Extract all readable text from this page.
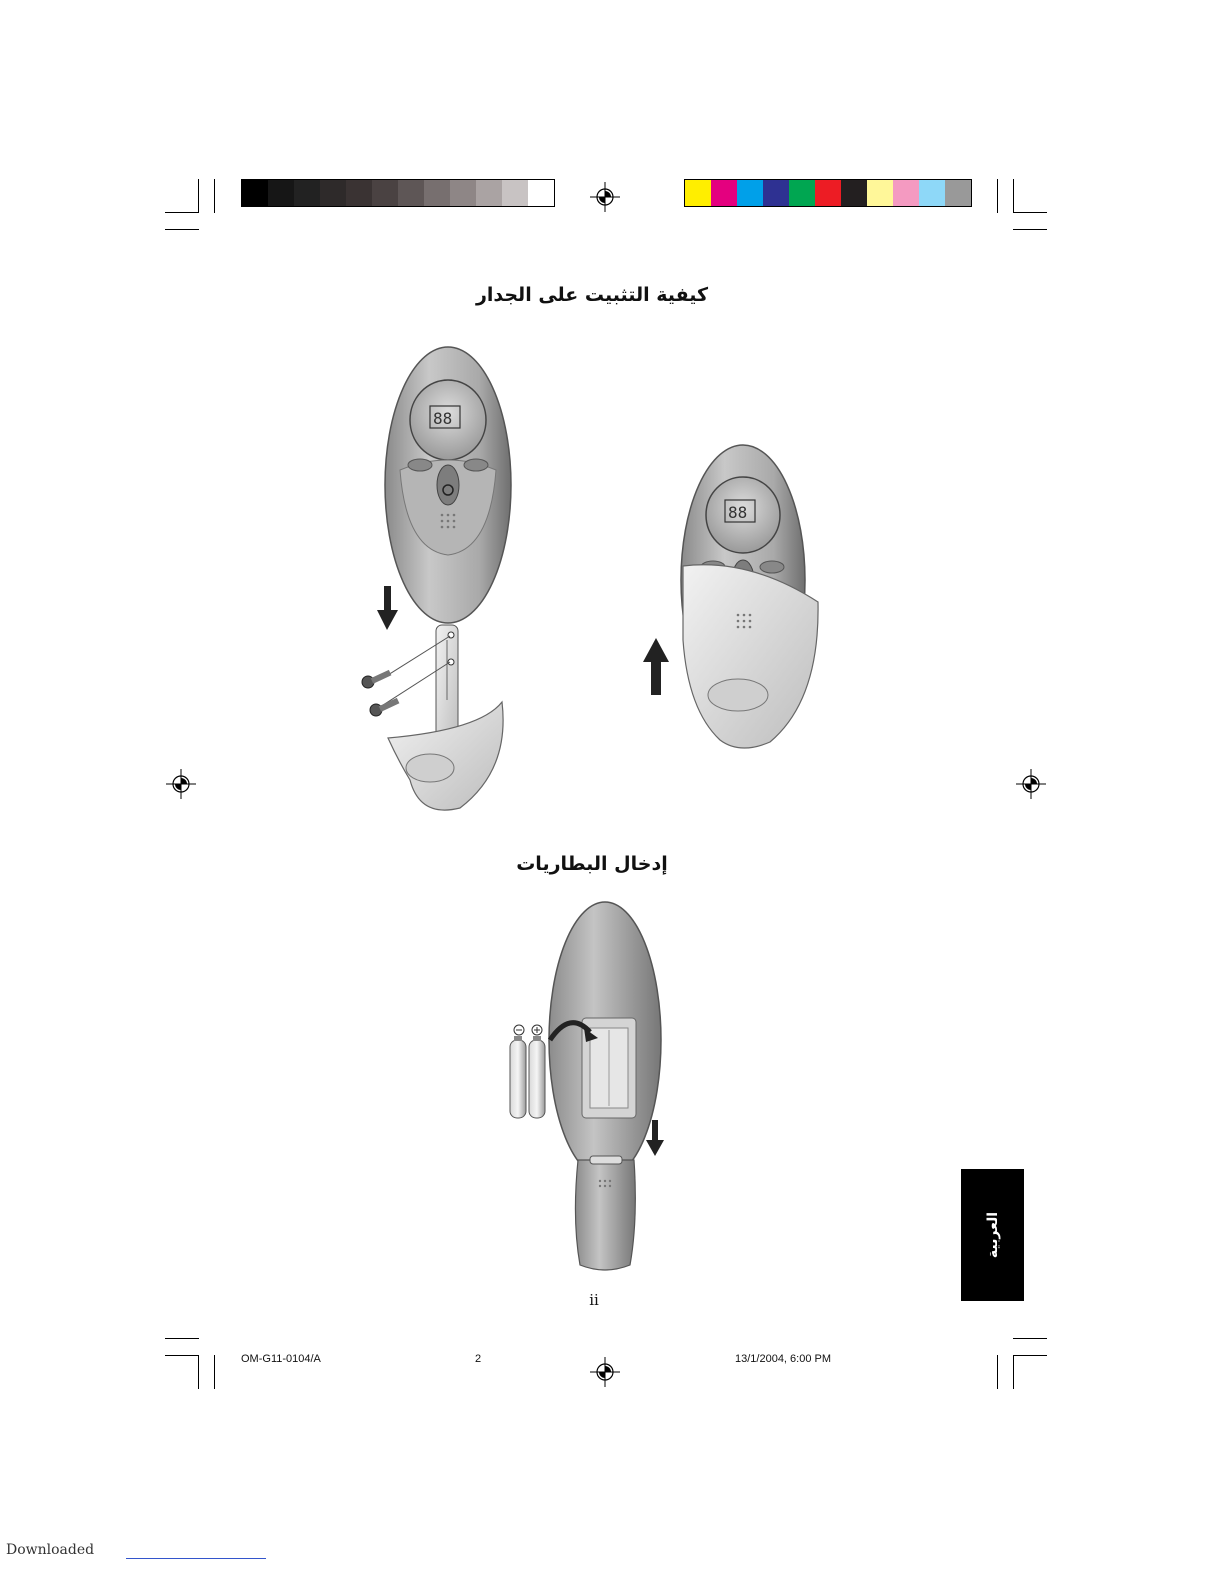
كيفية التثبيت على الجدار
88
88
إدخال البطاريات
ii
العربية
OM-G11-0104/A	2	13/1/2004, 6:00 PM
Downloaded
